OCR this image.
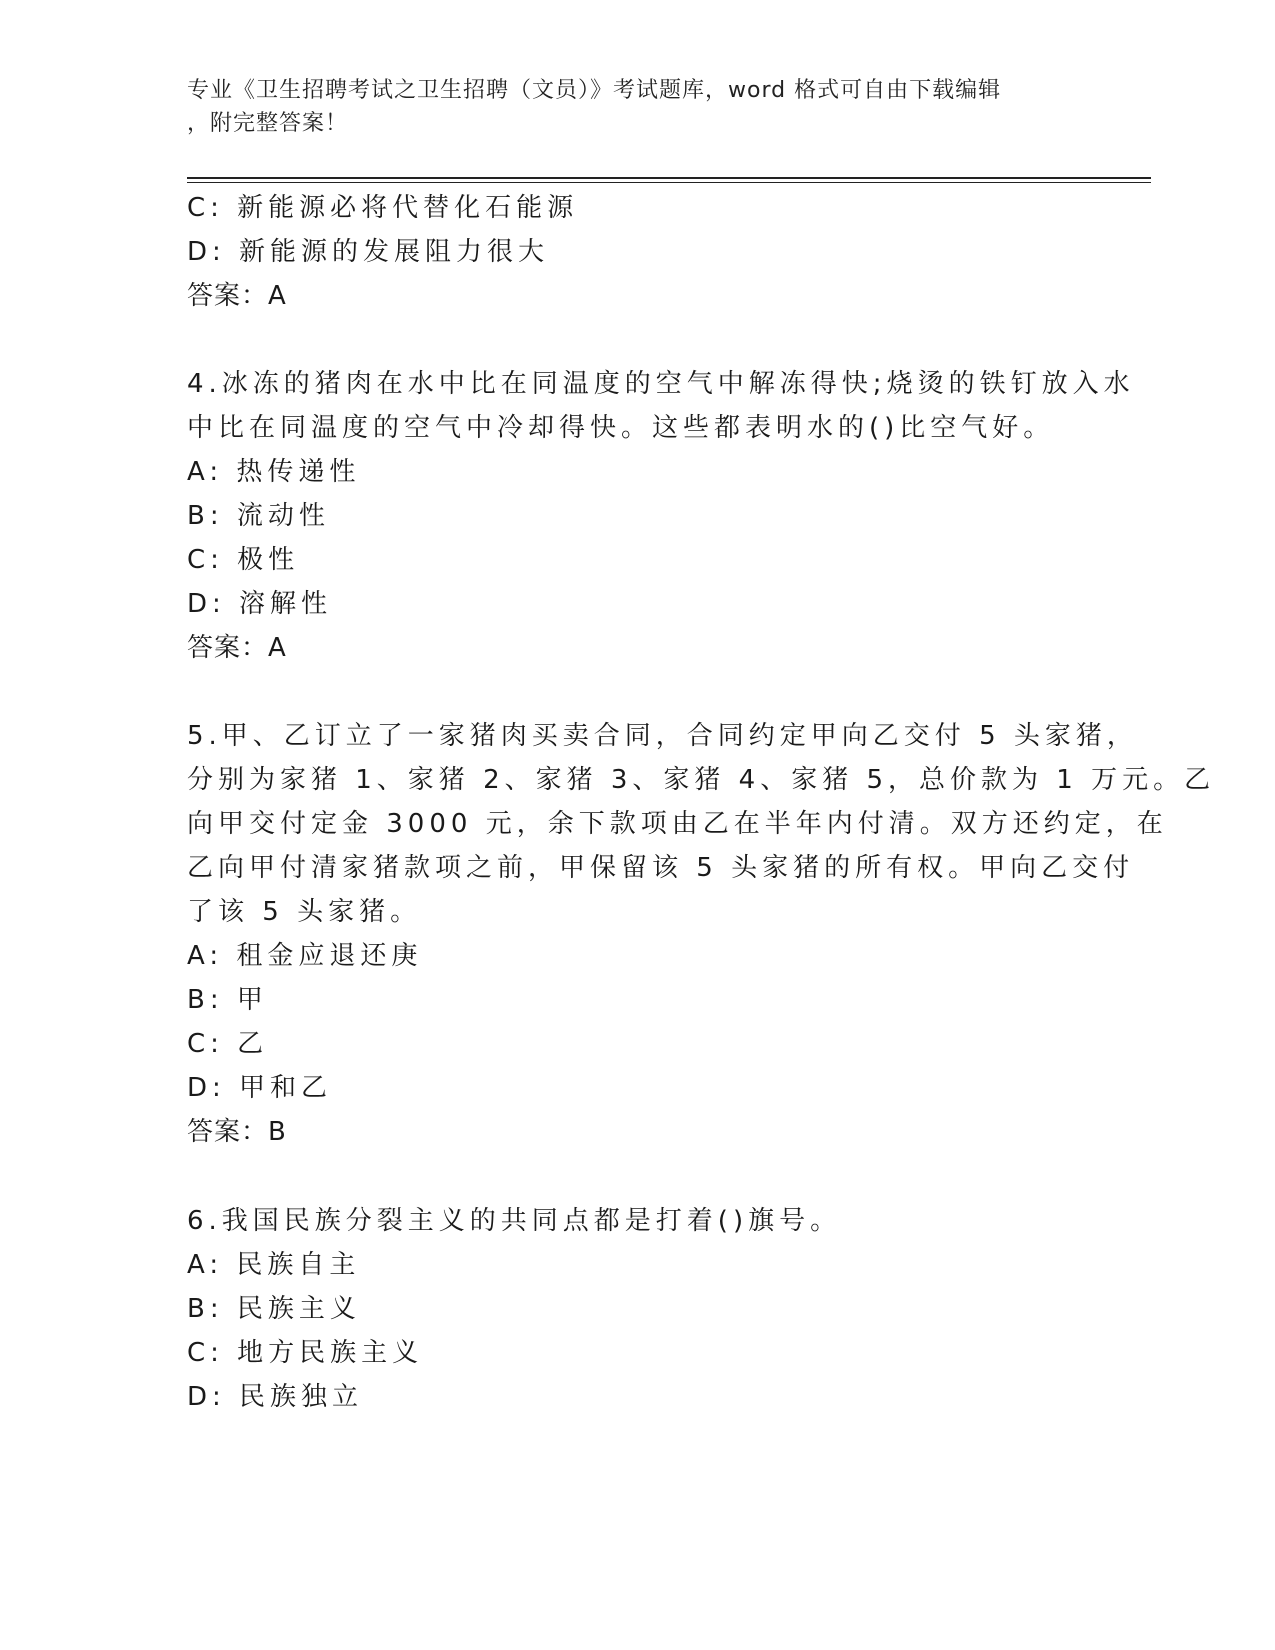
专业《卫生招聘考试之卫生招聘（文员）》考试题库，word 格式可自由下载编辑
，附完整答案！
C: 新能源必将代替化石能源
D: 新能源的发展阻力很大
答案：A
4.冰冻的猪肉在水中比在同温度的空气中解冻得快;烧烫的铁钉放入水
中比在同温度的空气中冷却得快。这些都表明水的()比空气好。
A: 热传递性
B: 流动性
C: 极性
D: 溶解性
答案：A
5.甲、乙订立了一家猪肉买卖合同，合同约定甲向乙交付 5 头家猪，
分别为家猪 1、家猪 2、家猪 3、家猪 4、家猪 5，总价款为 1 万元。乙
向甲交付定金 3000 元，余下款项由乙在半年内付清。双方还约定，在
乙向甲付清家猪款项之前，甲保留该 5 头家猪的所有权。甲向乙交付
了该 5 头家猪。
A: 租金应退还庚
B: 甲
C: 乙
D: 甲和乙
答案：B
6.我国民族分裂主义的共同点都是打着()旗号。
A: 民族自主
B: 民族主义
C: 地方民族主义
D: 民族独立
